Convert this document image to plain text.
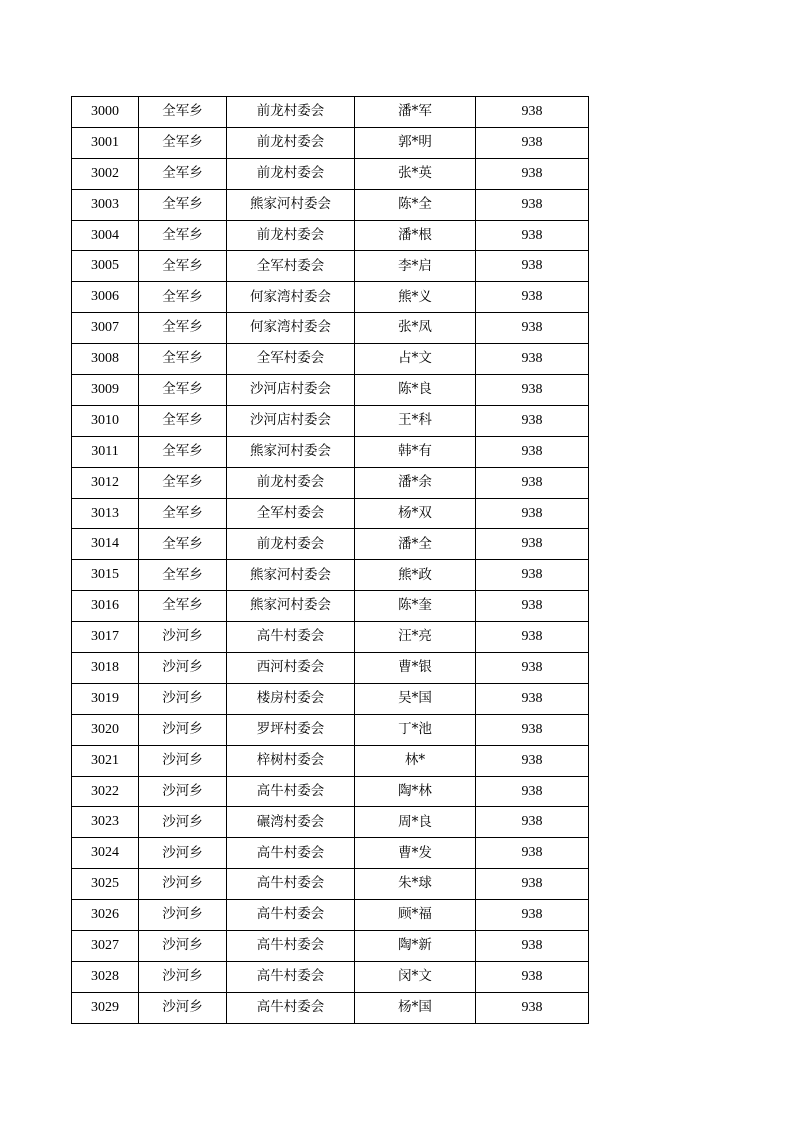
3000	全军乡	前龙村委会	潘*军	938
3001	全军乡	前龙村委会	郭*明	938
3002	全军乡	前龙村委会	张*英	938
3003	全军乡	熊家河村委会	陈*全	938
3004	全军乡	前龙村委会	潘*根	938
3005	全军乡	全军村委会	李*启	938
3006	全军乡	何家湾村委会	熊*义	938
3007	全军乡	何家湾村委会	张*凤	938
3008	全军乡	全军村委会	占*文	938
3009	全军乡	沙河店村委会	陈*良	938
3010	全军乡	沙河店村委会	王*科	938
3011	全军乡	熊家河村委会	韩*有	938
3012	全军乡	前龙村委会	潘*余	938
3013	全军乡	全军村委会	杨*双	938
3014	全军乡	前龙村委会	潘*全	938
3015	全军乡	熊家河村委会	熊*政	938
3016	全军乡	熊家河村委会	陈*奎	938
3017	沙河乡	高牛村委会	汪*亮	938
3018	沙河乡	西河村委会	曹*银	938
3019	沙河乡	楼房村委会	吴*国	938
3020	沙河乡	罗坪村委会	丁*池	938
3021	沙河乡	梓树村委会	林*	938
3022	沙河乡	高牛村委会	陶*林	938
3023	沙河乡	碾湾村委会	周*良	938
3024	沙河乡	高牛村委会	曹*发	938
3025	沙河乡	高牛村委会	朱*球	938
3026	沙河乡	高牛村委会	顾*福	938
3027	沙河乡	高牛村委会	陶*新	938
3028	沙河乡	高牛村委会	闵*文	938
3029	沙河乡	高牛村委会	杨*国	938
